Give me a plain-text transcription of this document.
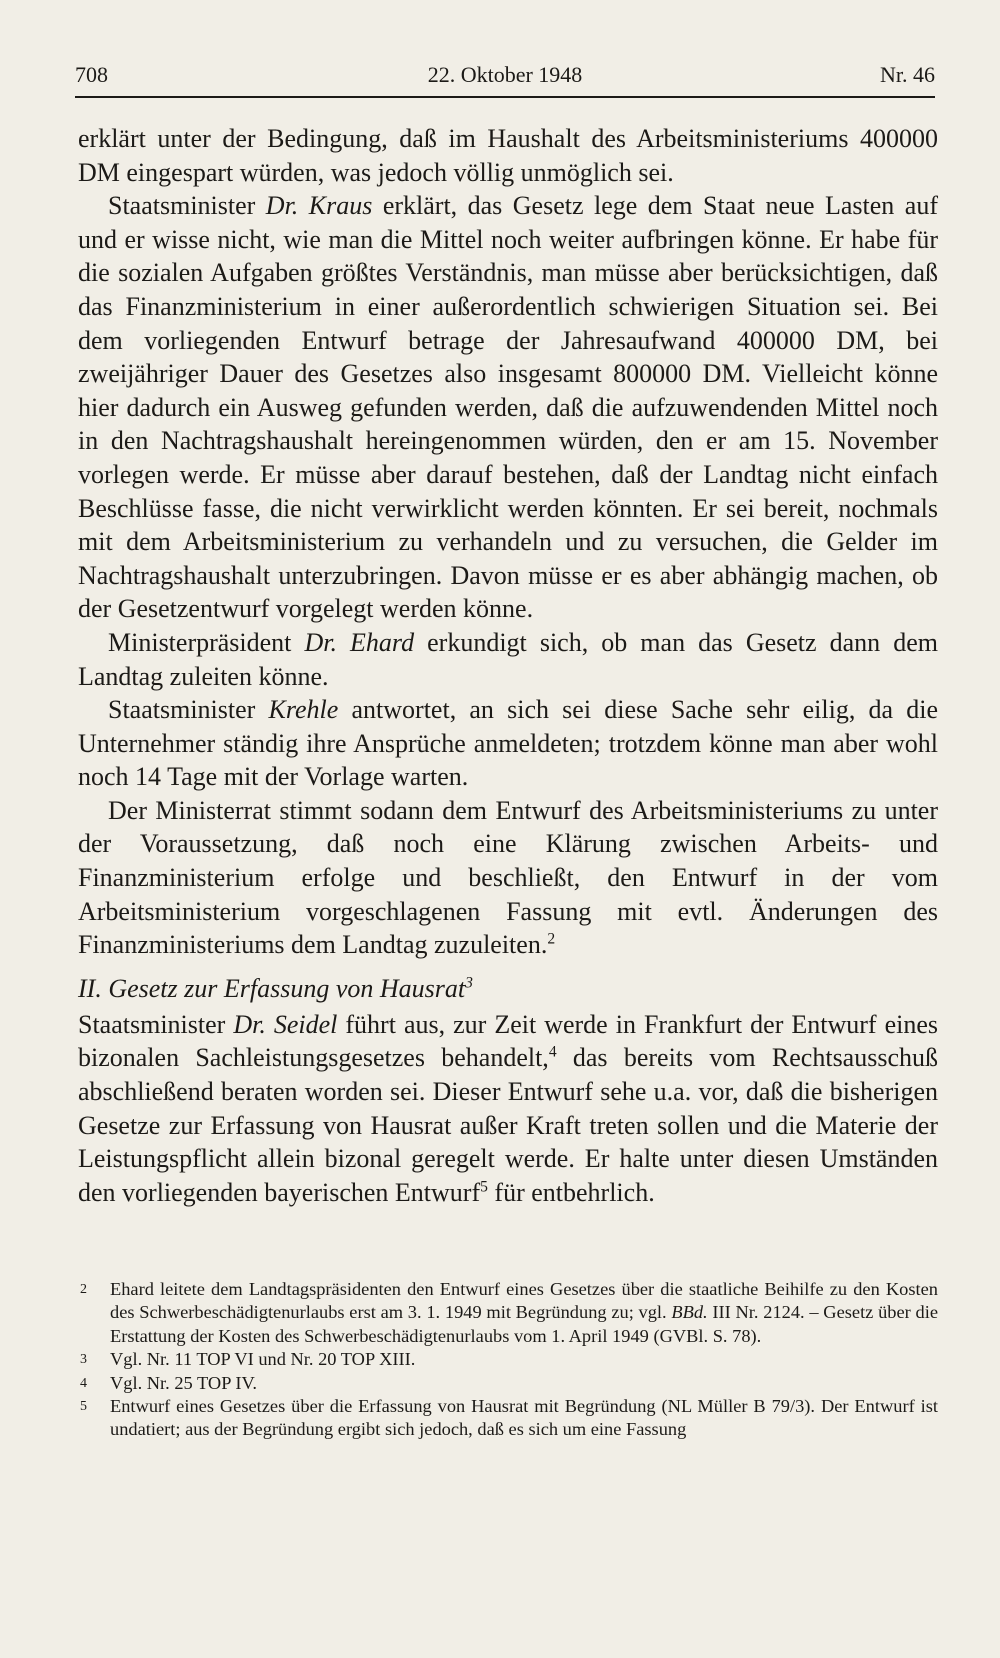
708	22. Oktober 1948	Nr. 46

erklärt unter der Bedingung, daß im Haushalt des Arbeitsministeriums 400000 DM eingespart würden, was jedoch völlig unmöglich sei.

Staatsminister Dr. Kraus erklärt, das Gesetz lege dem Staat neue Lasten auf und er wisse nicht, wie man die Mittel noch weiter aufbringen könne. Er habe für die sozialen Aufgaben größtes Verständnis, man müsse aber berücksichtigen, daß das Finanzministerium in einer außerordentlich schwierigen Situation sei. Bei dem vorliegenden Entwurf betrage der Jahresaufwand 400000 DM, bei zweijähriger Dauer des Gesetzes also insgesamt 800000 DM. Vielleicht könne hier dadurch ein Ausweg gefunden werden, daß die aufzuwendenden Mittel noch in den Nachtragshaushalt hereingenommen würden, den er am 15. November vorlegen werde. Er müsse aber darauf bestehen, daß der Landtag nicht einfach Beschlüsse fasse, die nicht verwirklicht werden könnten. Er sei bereit, nochmals mit dem Arbeitsministerium zu verhandeln und zu versuchen, die Gelder im Nachtragshaushalt unterzubringen. Davon müsse er es aber abhängig machen, ob der Gesetzentwurf vorgelegt werden könne.

Ministerpräsident Dr. Ehard erkundigt sich, ob man das Gesetz dann dem Landtag zuleiten könne.

Staatsminister Krehle antwortet, an sich sei diese Sache sehr eilig, da die Unternehmer ständig ihre Ansprüche anmeldeten; trotzdem könne man aber wohl noch 14 Tage mit der Vorlage warten.

Der Ministerrat stimmt sodann dem Entwurf des Arbeitsministeriums zu unter der Voraussetzung, daß noch eine Klärung zwischen Arbeits- und Finanzministerium erfolge und beschließt, den Entwurf in der vom Arbeitsministerium vorgeschlagenen Fassung mit evtl. Änderungen des Finanzministeriums dem Landtag zuzuleiten.$^2$

II. Gesetz zur Erfassung von Hausrat$^3$

Staatsminister Dr. Seidel führt aus, zur Zeit werde in Frankfurt der Entwurf eines bizonalen Sachleistungsgesetzes behandelt,$^4$ das bereits vom Rechtsausschuß abschließend beraten worden sei. Dieser Entwurf sehe u.a. vor, daß die bisherigen Gesetze zur Erfassung von Hausrat außer Kraft treten sollen und die Materie der Leistungspflicht allein bizonal geregelt werde. Er halte unter diesen Umständen den vorliegenden bayerischen Entwurf$^5$ für entbehrlich.

2 Ehard leitete dem Landtagspräsidenten den Entwurf eines Gesetzes über die staatliche Beihilfe zu den Kosten des Schwerbeschädigtenurlaubs erst am 3. 1. 1949 mit Begründung zu; vgl. BBd. III Nr. 2124. – Gesetz über die Erstattung der Kosten des Schwerbeschädigtenurlaubs vom 1. April 1949 (GVBl. S. 78).
3 Vgl. Nr. 11 TOP VI und Nr. 20 TOP XIII.
4 Vgl. Nr. 25 TOP IV.
5 Entwurf eines Gesetzes über die Erfassung von Hausrat mit Begründung (NL Müller B 79/3). Der Entwurf ist undatiert; aus der Begründung ergibt sich jedoch, daß es sich um eine Fassung
